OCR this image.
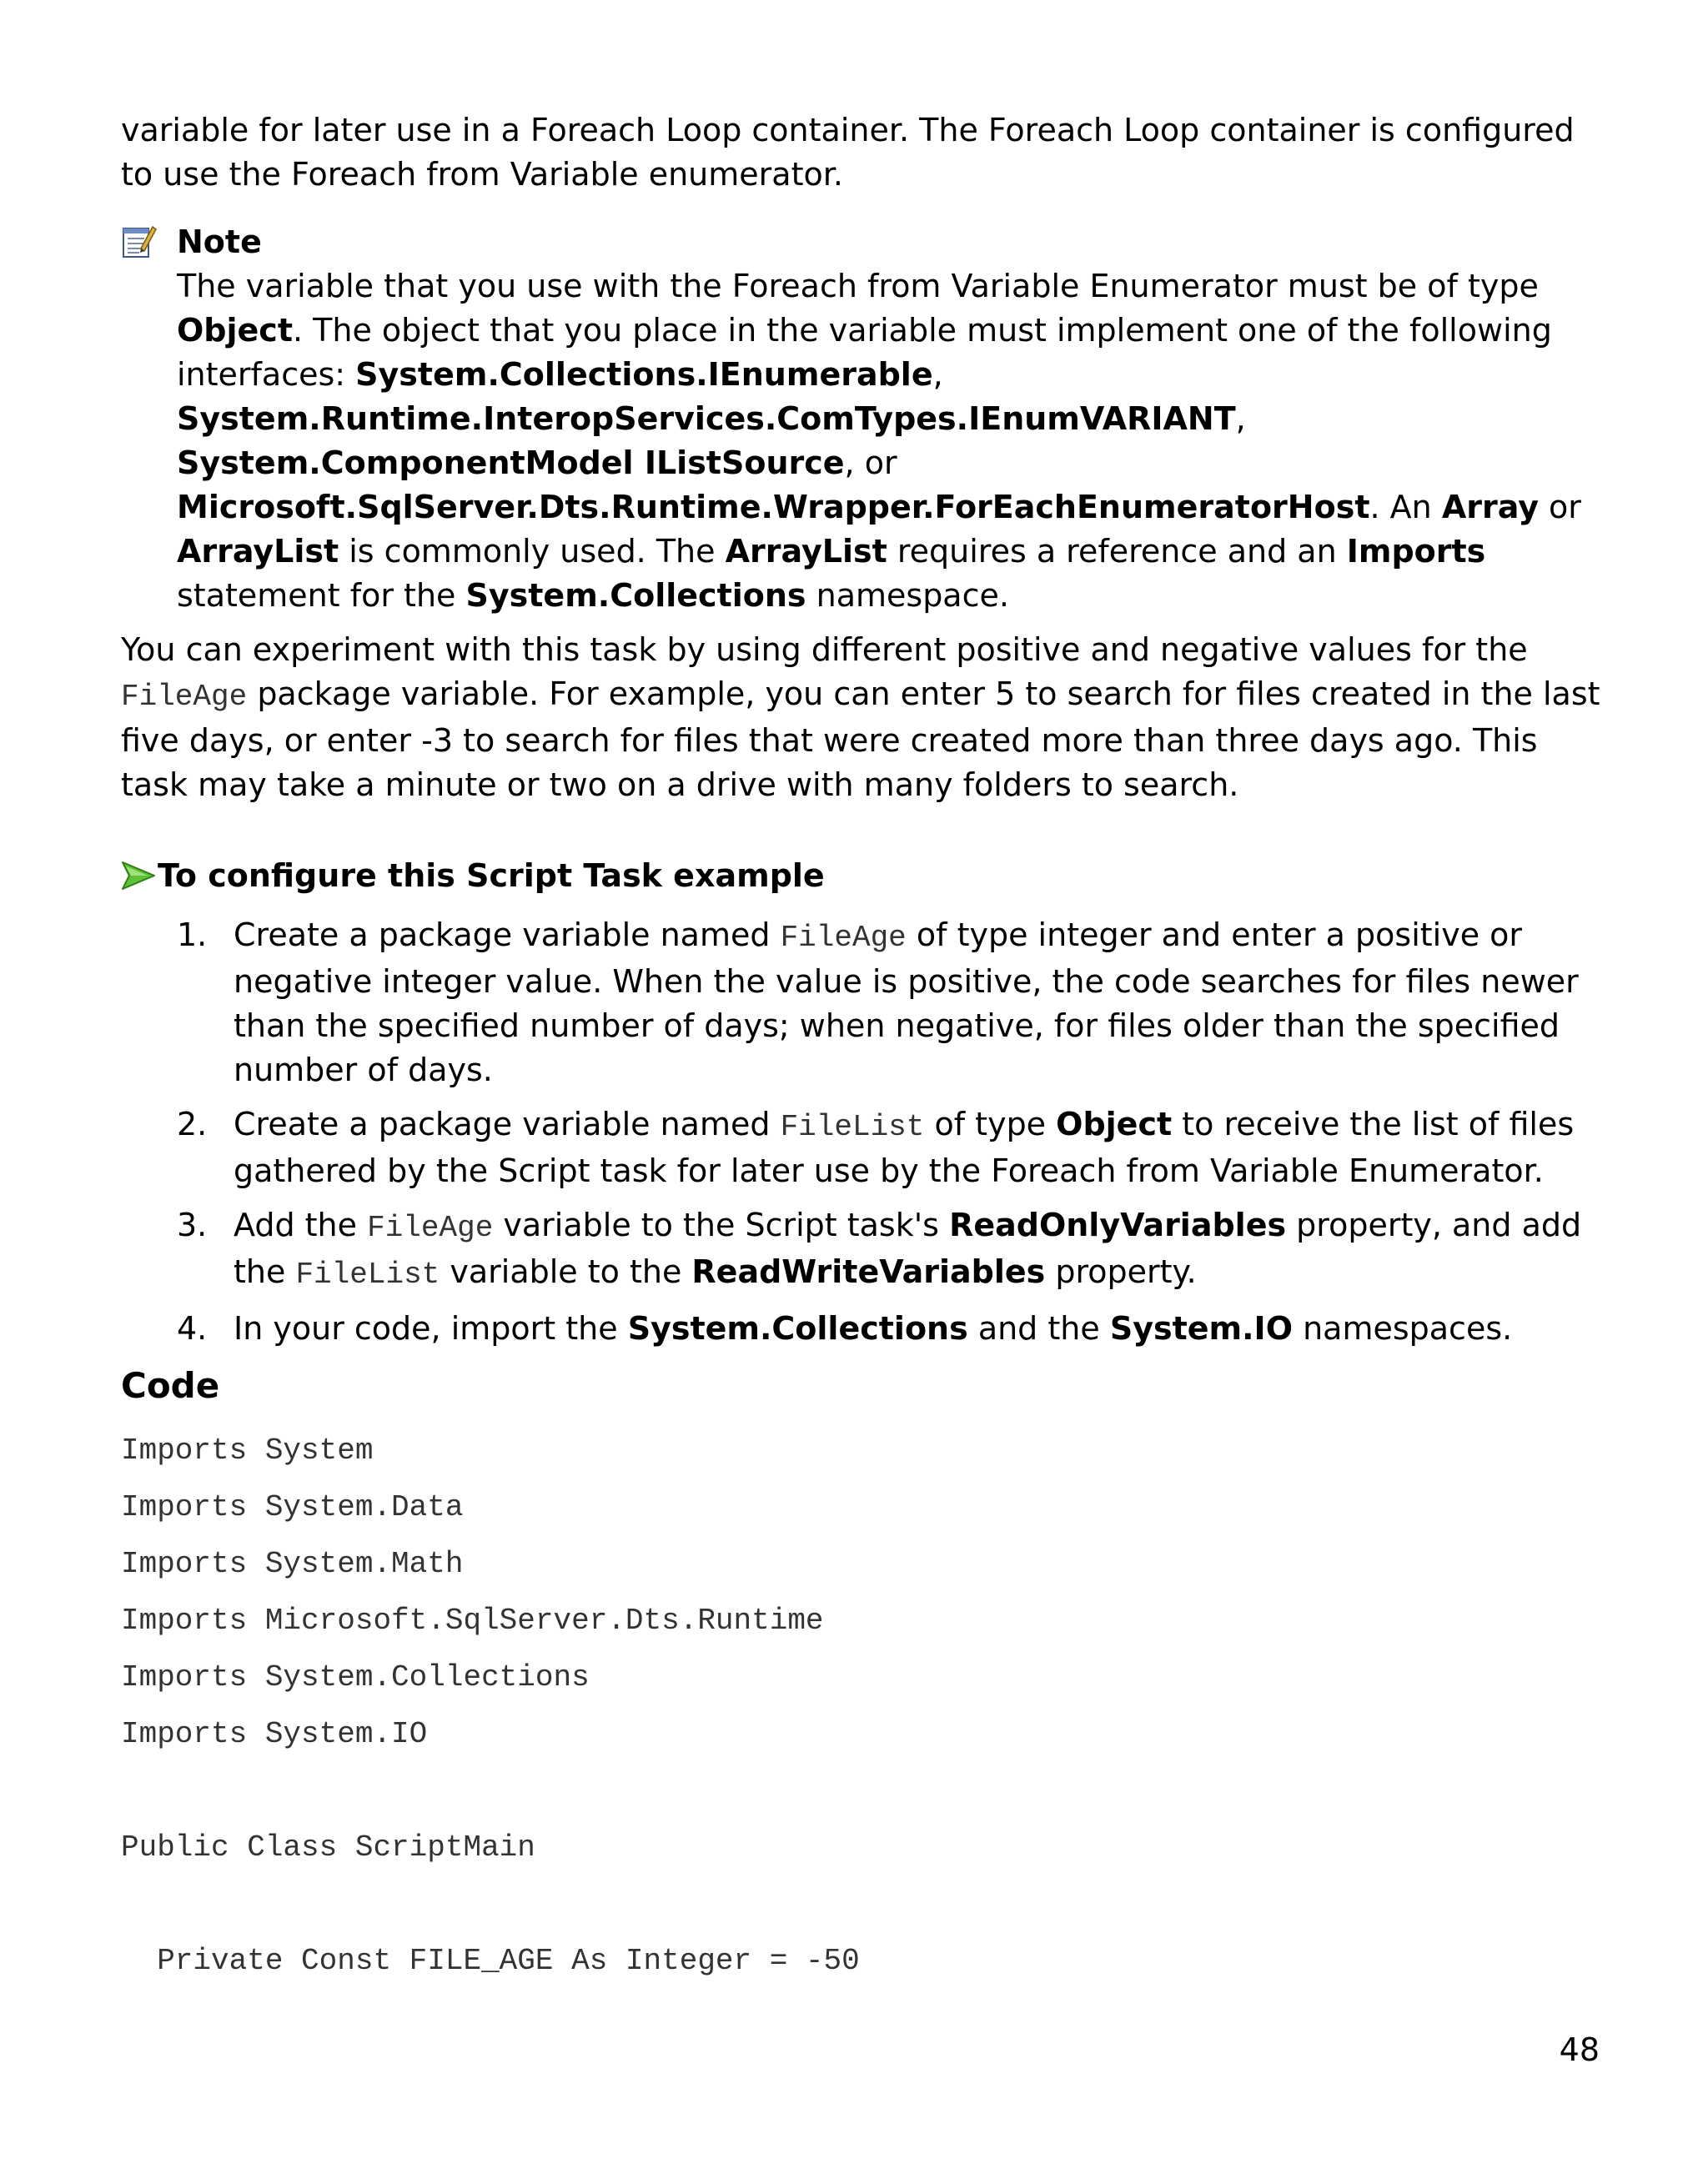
variable for later use in a Foreach Loop container. The Foreach Loop container is configured to use the Foreach from Variable enumerator.

Note
The variable that you use with the Foreach from Variable Enumerator must be of type Object. The object that you place in the variable must implement one of the following interfaces: System.Collections.IEnumerable, System.Runtime.InteropServices.ComTypes.IEnumVARIANT, System.ComponentModel IListSource, or Microsoft.SqlServer.Dts.Runtime.Wrapper.ForEachEnumeratorHost. An Array or ArrayList is commonly used. The ArrayList requires a reference and an Imports statement for the System.Collections namespace.

You can experiment with this task by using different positive and negative values for the FileAge package variable. For example, you can enter 5 to search for files created in the last five days, or enter -3 to search for files that were created more than three days ago. This task may take a minute or two on a drive with many folders to search.

To configure this Script Task example
1. Create a package variable named FileAge of type integer and enter a positive or negative integer value. When the value is positive, the code searches for files newer than the specified number of days; when negative, for files older than the specified number of days.
2. Create a package variable named FileList of type Object to receive the list of files gathered by the Script task for later use by the Foreach from Variable Enumerator.
3. Add the FileAge variable to the Script task's ReadOnlyVariables property, and add the FileList variable to the ReadWriteVariables property.
4. In your code, import the System.Collections and the System.IO namespaces.
Code
Imports System
Imports System.Data
Imports System.Math
Imports Microsoft.SqlServer.Dts.Runtime
Imports System.Collections
Imports System.IO
Public Class ScriptMain
Private Const FILE_AGE As Integer = -50
48
